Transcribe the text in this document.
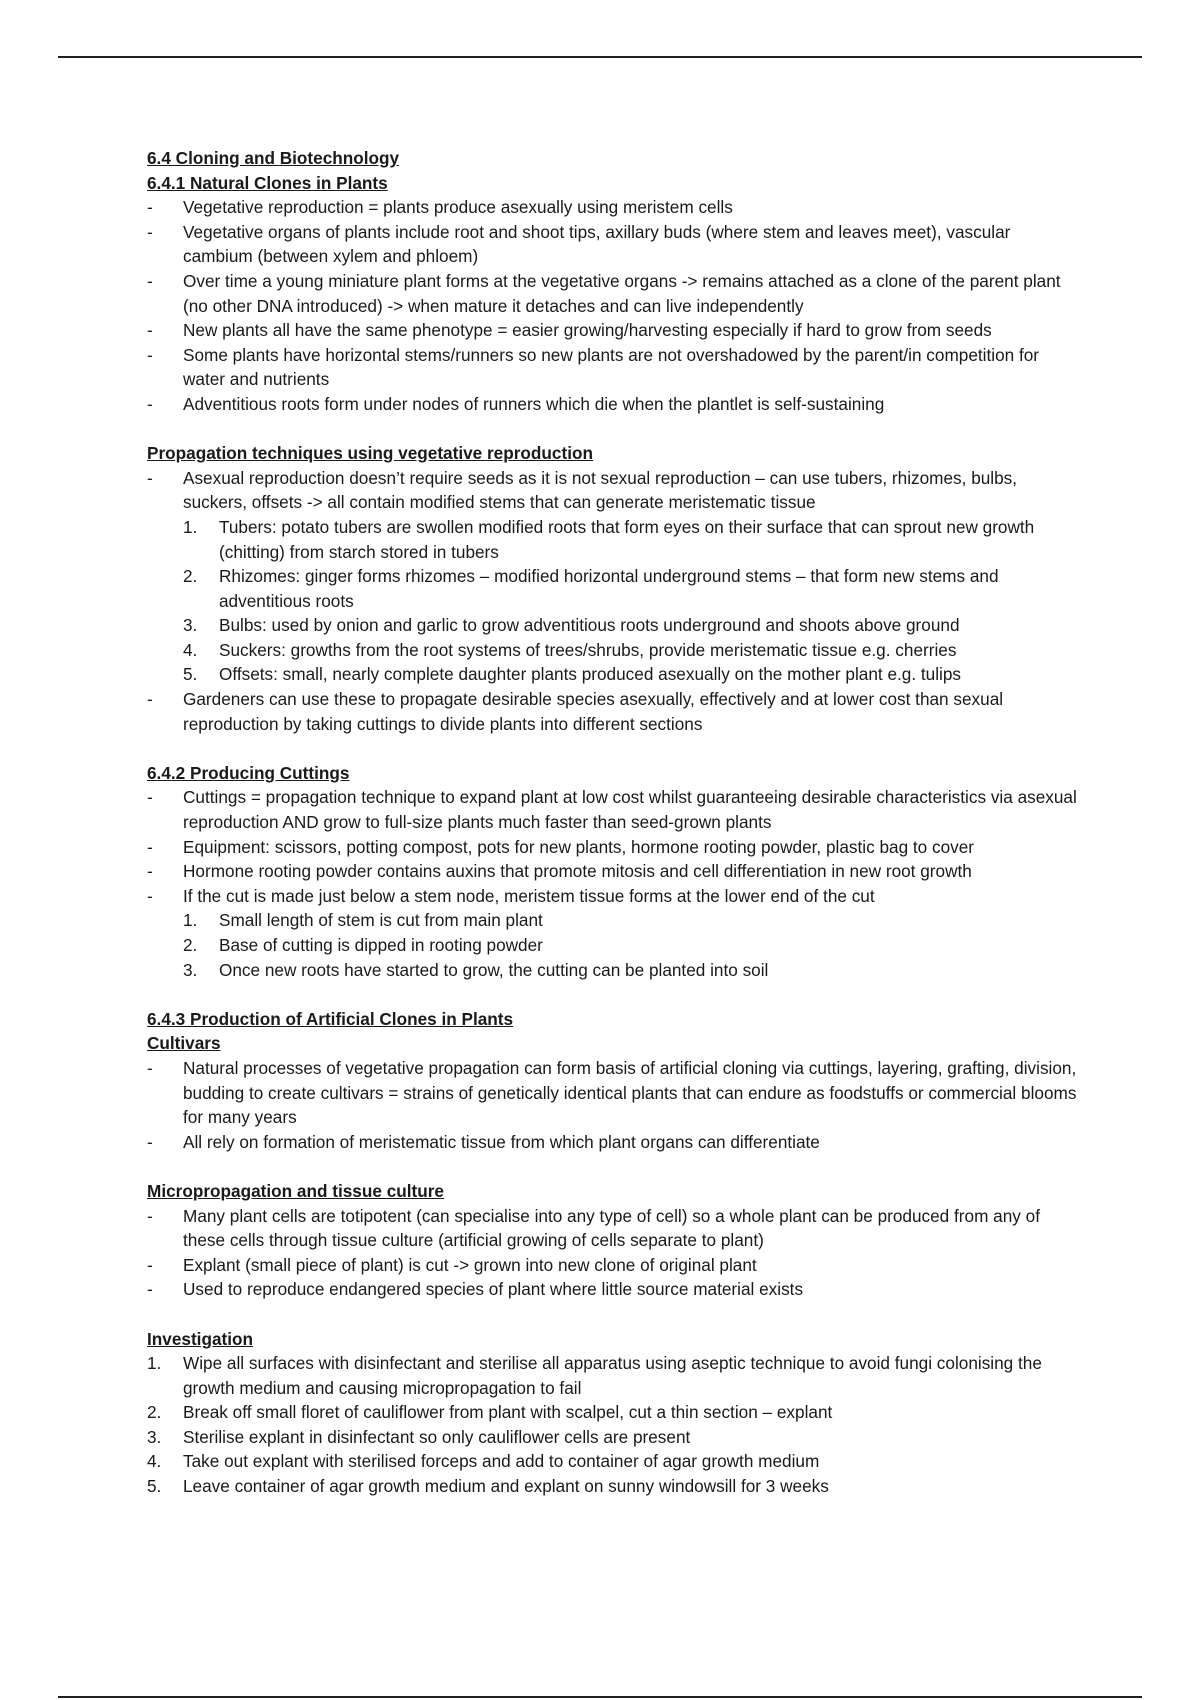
6.4 Cloning and Biotechnology
6.4.1 Natural Clones in Plants
- Vegetative reproduction = plants produce asexually using meristem cells
- Vegetative organs of plants include root and shoot tips, axillary buds (where stem and leaves meet), vascular cambium (between xylem and phloem)
- Over time a young miniature plant forms at the vegetative organs -> remains attached as a clone of the parent plant (no other DNA introduced) -> when mature it detaches and can live independently
- New plants all have the same phenotype = easier growing/harvesting especially if hard to grow from seeds
- Some plants have horizontal stems/runners so new plants are not overshadowed by the parent/in competition for water and nutrients
- Adventitious roots form under nodes of runners which die when the plantlet is self-sustaining
Propagation techniques using vegetative reproduction
- Asexual reproduction doesn’t require seeds as it is not sexual reproduction – can use tubers, rhizomes, bulbs, suckers, offsets -> all contain modified stems that can generate meristematic tissue
1. Tubers: potato tubers are swollen modified roots that form eyes on their surface that can sprout new growth (chitting) from starch stored in tubers
2. Rhizomes: ginger forms rhizomes – modified horizontal underground stems – that form new stems and adventitious roots
3. Bulbs: used by onion and garlic to grow adventitious roots underground and shoots above ground
4. Suckers: growths from the root systems of trees/shrubs, provide meristematic tissue e.g. cherries
5. Offsets: small, nearly complete daughter plants produced asexually on the mother plant e.g. tulips
- Gardeners can use these to propagate desirable species asexually, effectively and at lower cost than sexual reproduction by taking cuttings to divide plants into different sections
6.4.2 Producing Cuttings
- Cuttings = propagation technique to expand plant at low cost whilst guaranteeing desirable characteristics via asexual reproduction AND grow to full-size plants much faster than seed-grown plants
- Equipment: scissors, potting compost, pots for new plants, hormone rooting powder, plastic bag to cover
- Hormone rooting powder contains auxins that promote mitosis and cell differentiation in new root growth
- If the cut is made just below a stem node, meristem tissue forms at the lower end of the cut
1. Small length of stem is cut from main plant
2. Base of cutting is dipped in rooting powder
3. Once new roots have started to grow, the cutting can be planted into soil
6.4.3 Production of Artificial Clones in Plants
Cultivars
- Natural processes of vegetative propagation can form basis of artificial cloning via cuttings, layering, grafting, division, budding to create cultivars = strains of genetically identical plants that can endure as foodstuffs or commercial blooms for many years
- All rely on formation of meristematic tissue from which plant organs can differentiate
Micropropagation and tissue culture
- Many plant cells are totipotent (can specialise into any type of cell) so a whole plant can be produced from any of these cells through tissue culture (artificial growing of cells separate to plant)
- Explant (small piece of plant) is cut -> grown into new clone of original plant
- Used to reproduce endangered species of plant where little source material exists
Investigation
1. Wipe all surfaces with disinfectant and sterilise all apparatus using aseptic technique to avoid fungi colonising the growth medium and causing micropropagation to fail
2. Break off small floret of cauliflower from plant with scalpel, cut a thin section – explant
3. Sterilise explant in disinfectant so only cauliflower cells are present
4. Take out explant with sterilised forceps and add to container of agar growth medium
5. Leave container of agar growth medium and explant on sunny windowsill for 3 weeks
